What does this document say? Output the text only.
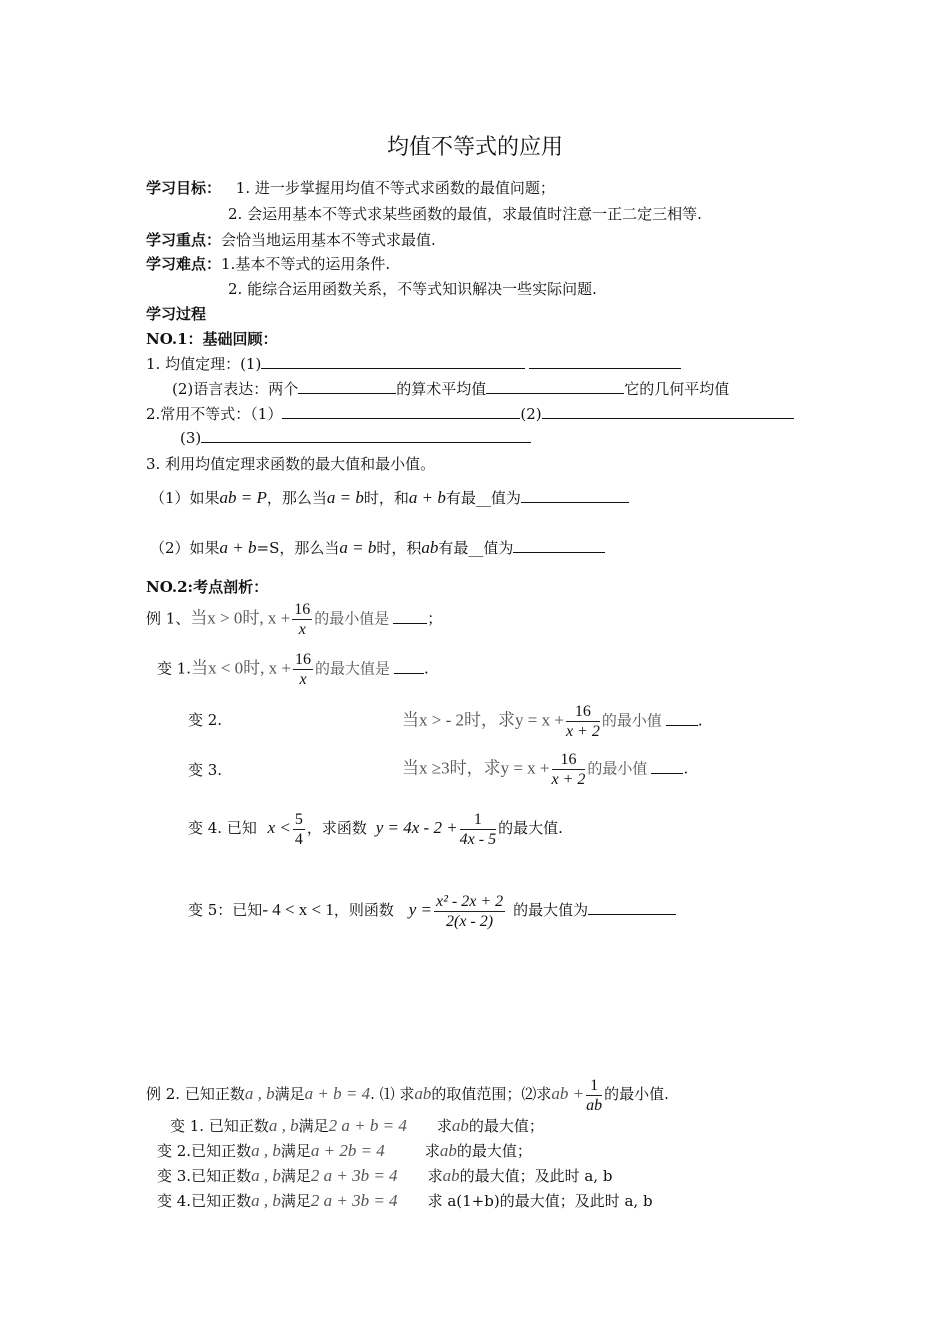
均值不等式的应用
学习目标： 1. 进一步掌握用均值不等式求函数的最值问题；
2. 会运用基本不等式求某些函数的最值，求最值时注意一正二定三相等.
学习重点：会恰当地运用基本不等式求最值.
学习难点：1.基本不等式的运用条件.
2. 能综合运用函数关系，不等式知识解决一些实际问题.
学习过程
NO.1：基础回顾：
1. 均值定理：(1)
(2)语言表达：两个	的算术平均值	它的几何平均值
2.常用不等式：（1）	(2)
(3)
3. 利用均值定理求函数的最大值和最小值。
（1）如果ab = P，那么当a = b时，和a + b有最__值为
（2）如果a + b=S，那么当a = b时，积ab有最__值为
NO.2:考点剖析：
例 1、当x > 0时, $x + \frac{16}{x}$ 的最小值是	；
变 1.当x < 0时, $x + \frac{16}{x}$ 的最大值是 .
变 2.	当x > - 2时，求$y = x + \frac{16}{x + 2}$ 的最小值 .
变 3.	当x ≥3时，求$y = x + \frac{16}{x + 2}$ 的最小值 .
变 4. 已知 $x < \frac{5}{4}$ ，求函数 $y = 4x - 2 + \frac{1}{4x - 5}$ 的最大值.
变 5：已知- 4 < x < 1，则函数 $y = \frac{\text{x² - 2x + 2}}{2(x - 2)}$ 的最大值为
例 2. 已知正数a , b满足a + b = 4. ⑴ 求ab的取值范围；⑵求ab + $\frac{1}{ab}$ 的最小值.
变 1. 已知正数a , b满足2 a + b = 4 求ab的最大值；
变 2.已知正数a , b满足a + 2b = 4	求ab的最大值；
变 3.已知正数a , b满足2 a + 3b = 4 求ab的最大值；及此时 a, b
变 4.已知正数a , b满足2 a + 3b = 4 求 a(1+b)的最大值；及此时 a, b
